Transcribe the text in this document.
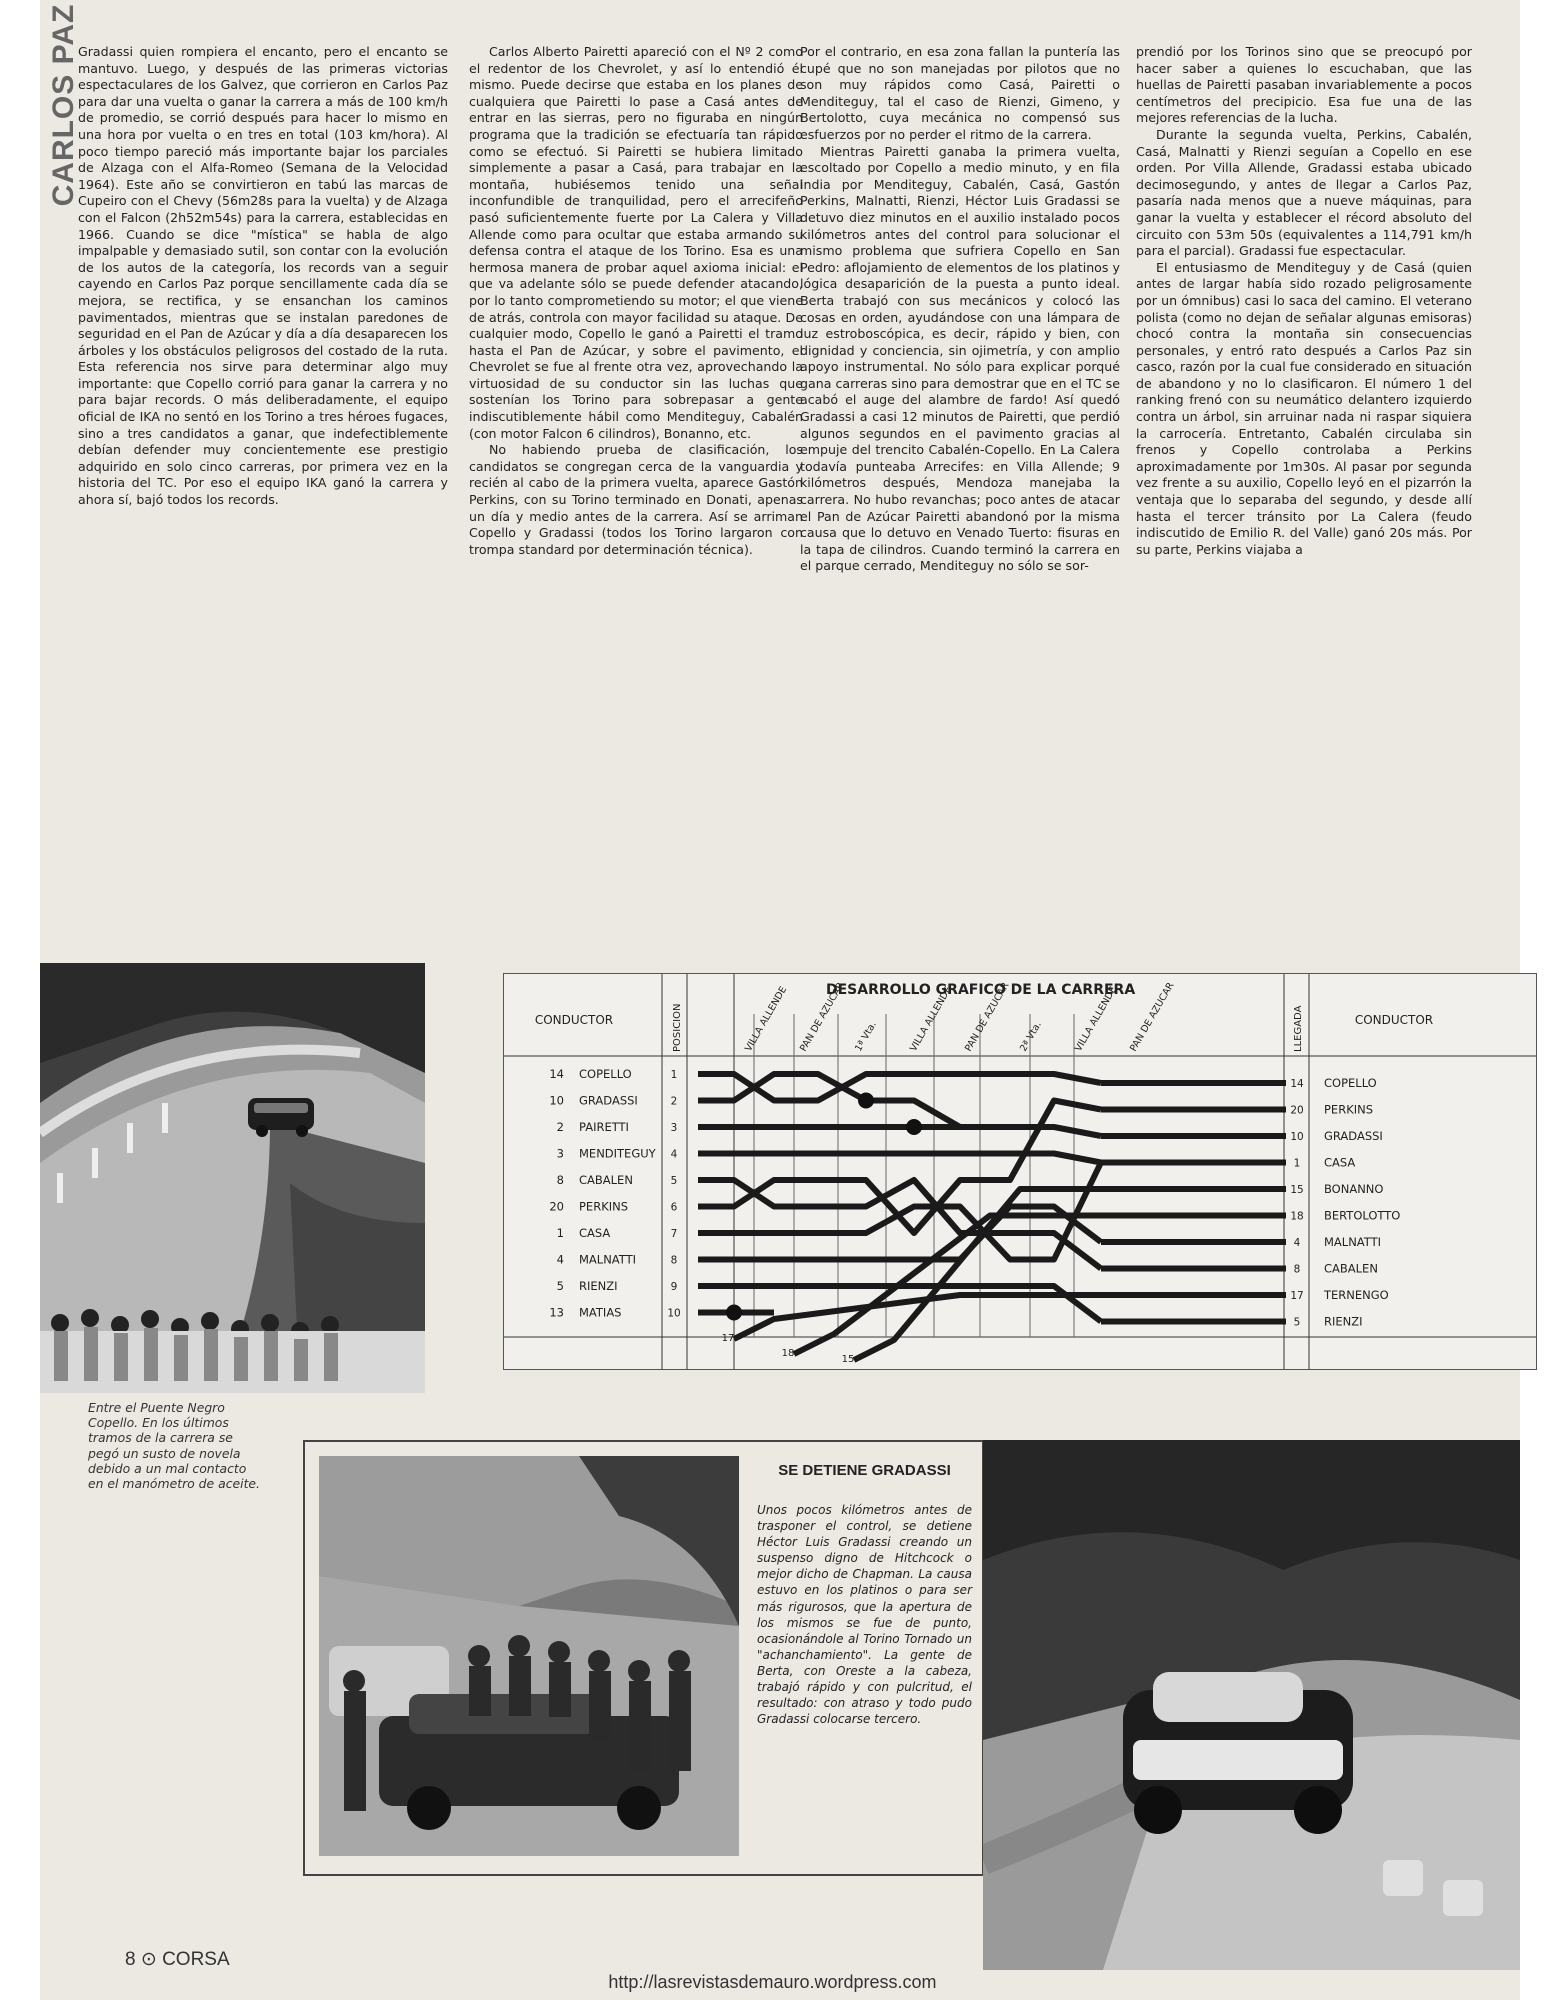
CARLOS PAZ

Gradassi quien rompiera el encanto, pero el encanto se mantuvo. Luego, y después de las primeras victorias espectaculares de los Galvez, que corrieron en Carlos Paz para dar una vuelta o ganar la carrera a más de 100 km/h de promedio, se corrió después para hacer lo mismo en una hora por vuelta o en tres en total (103 km/hora). Al poco tiempo pareció más importante bajar los parciales de Alzaga con el Alfa-Romeo (Semana de la Velocidad 1964). Este año se convirtieron en tabú las marcas de Cupeiro con el Chevy (56m28s para la vuelta) y de Alzaga con el Falcon (2h52m54s) para la carrera, establecidas en 1966. Cuando se dice "mística" se habla de algo impalpable y demasiado sutil, son contar con la evolución de los autos de la categoría, los records van a seguir cayendo en Carlos Paz porque sencillamente cada día se mejora, se rectifica, y se ensanchan los caminos pavimentados, mientras que se instalan paredones de seguridad en el Pan de Azúcar y día a día desaparecen los árboles y los obstáculos peligrosos del costado de la ruta. Esta referencia nos sirve para determinar algo muy importante: que Copello corrió para ganar la carrera y no para bajar records. O más deliberadamente, el equipo oficial de IKA no sentó en los Torino a tres héroes fugaces, sino a tres candidatos a ganar, que indefectiblemente debían defender muy concientemente ese prestigio adquirido en solo cinco carreras, por primera vez en la historia del TC. Por eso el equipo IKA ganó la carrera y ahora sí, bajó todos los records.

Carlos Alberto Pairetti apareció con el Nº 2 como el redentor de los Chevrolet, y así lo entendió él mismo. Puede decirse que estaba en los planes de cualquiera que Pairetti lo pase a Casá antes de entrar en las sierras, pero no figuraba en ningún programa que la tradición se efectuaría tan rápido como se efectuó. Si Pairetti se hubiera limitado simplemente a pasar a Casá, para trabajar en la montaña, hubiésemos tenido una señal inconfundible de tranquilidad, pero el arrecifeño pasó suficientemente fuerte por La Calera y Villa Allende como para ocultar que estaba armando su defensa contra el ataque de los Torino. Esa es una hermosa manera de probar aquel axioma inicial: el que va adelante sólo se puede defender atacando, por lo tanto comprometiendo su motor; el que viene de atrás, controla con mayor facilidad su ataque. De cualquier modo, Copello le ganó a Pairetti el tramo hasta el Pan de Azúcar, y sobre el pavimento, el Chevrolet se fue al frente otra vez, aprovechando la virtuosidad de su conductor sin las luchas que sostenían los Torino para sobrepasar a gente indiscutiblemente hábil como Menditeguy, Cabalén (con motor Falcon 6 cilindros), Bonanno, etc.

No habiendo prueba de clasificación, los candidatos se congregan cerca de la vanguardia y recién al cabo de la primera vuelta, aparece Gastón Perkins, con su Torino terminado en Donati, apenas un día y medio antes de la carrera. Así se arriman Copello y Gradassi (todos los Torino largaron con trompa standard por determinación técnica).

Por el contrario, en esa zona fallan la puntería las cupé que no son manejadas por pilotos que no son muy rápidos como Casá, Pairetti o Menditeguy, tal el caso de Rienzi, Gimeno, y Bertolotto, cuya mecánica no compensó sus esfuerzos por no perder el ritmo de la carrera.

Mientras Pairetti ganaba la primera vuelta, escoltado por Copello a medio minuto, y en fila india por Menditeguy, Cabalén, Casá, Gastón Perkins, Malnatti, Rienzi, Héctor Luis Gradassi se detuvo diez minutos en el auxilio instalado pocos kilómetros antes del control para solucionar el mismo problema que sufriera Copello en San Pedro: aflojamiento de elementos de los platinos y lógica desaparición de la puesta a punto ideal. Berta trabajó con sus mecánicos y colocó las cosas en orden, ayudándose con una lámpara de luz estroboscópica, es decir, rápido y bien, con dignidad y conciencia, sin ojimetría, y con amplio apoyo instrumental. No sólo para explicar porqué gana carreras sino para demostrar que en el TC se acabó el auge del alambre de fardo! Así quedó Gradassi a casi 12 minutos de Pairetti, que perdió algunos segundos en el pavimento gracias al empuje del trencito Cabalén-Copello. En La Calera todavía punteaba Arrecifes: en Villa Allende; 9 kilómetros después, Mendoza manejaba la carrera. No hubo revanchas; poco antes de atacar el Pan de Azúcar Pairetti abandonó por la misma causa que lo detuvo en Venado Tuerto: fisuras en la tapa de cilindros. Cuando terminó la carrera en el parque cerrado, Menditeguy no sólo se sor-

prendió por los Torinos sino que se preocupó por hacer saber a quienes lo escuchaban, que las huellas de Pairetti pasaban invariablemente a pocos centímetros del precipicio. Esa fue una de las mejores referencias de la lucha.

Durante la segunda vuelta, Perkins, Cabalén, Casá, Malnatti y Rienzi seguían a Copello en ese orden. Por Villa Allende, Gradassi estaba ubicado decimosegundo, y antes de llegar a Carlos Paz, pasaría nada menos que a nueve máquinas, para ganar la vuelta y establecer el récord absoluto del circuito con 53m 50s (equivalentes a 114,791 km/h para el parcial). Gradassi fue espectacular.

El entusiasmo de Menditeguy y de Casá (quien antes de largar había sido rozado peligrosamente por un ómnibus) casi lo saca del camino. El veterano polista (como no dejan de señalar algunas emisoras) chocó contra la montaña sin consecuencias personales, y entró rato después a Carlos Paz sin casco, razón por la cual fue considerado en situación de abandono y no lo clasificaron. El número 1 del ranking frenó con su neumático delantero izquierdo contra un árbol, sin arruinar nada ni raspar siquiera la carrocería. Entretanto, Cabalén circulaba sin frenos y Copello controlaba a Perkins aproximadamente por 1m30s. Al pasar por segunda vez frente a su auxilio, Copello leyó en el pizarrón la ventaja que lo separaba del segundo, y desde allí hasta el tercer tránsito por La Calera (feudo indiscutido de Emilio R. del Valle) ganó 20s más. Por su parte, Perkins viajaba a

CONDUCTOR	POSICION
DESARROLLO GRAFICO DE LA CARRERA
LLEGADA	CONDUCTOR
VILLA ALLENDE PAN DE AZUCAR 1ª Vta.	VILLA ALLENDE PAN DE AZUCAR 2ª Vta.	VILLA ALLENDE PAN DE AZUCAR
14 COPELLO	1
10 GRADASSI	2
2 PAIRETTI	3
3 MENDITEGUY 4
8 CABALEN	5
20 PERKINS	6
1 CASA	7
4 MALNATTI	8
5 RIENZI	9
13 MATIAS	10
14 COPELLO
20 PERKINS
10 GRADASSI
1 CASA
15 BONANNO
18 BERTOLOTTO
4 MALNATTI
8 CABALEN
17 TERNENGO
5 RIENZI
17
18
15
Entre el Puente Negro Copello. En los últimos tramos de la carrera se pegó un susto de novela debido a un mal contacto en el manómetro de aceite.
SE DETIENE GRADASSI
Unos pocos kilómetros antes de trasponer el control, se detiene Héctor Luis Gradassi creando un suspenso digno de Hitchcock o mejor dicho de Chapman. La causa estuvo en los platinos o para ser más rigurosos, que la apertura de los mismos se fue de punto, ocasionándole al Torino Tornado un "achanchamiento". La gente de Berta, con Oreste a la cabeza, trabajó rápido y con pulcritud, el resultado: con atraso y todo pudo Gradassi colocarse tercero.
8 ⊙ CORSA
http://lasrevistasdemauro.wordpress.com
